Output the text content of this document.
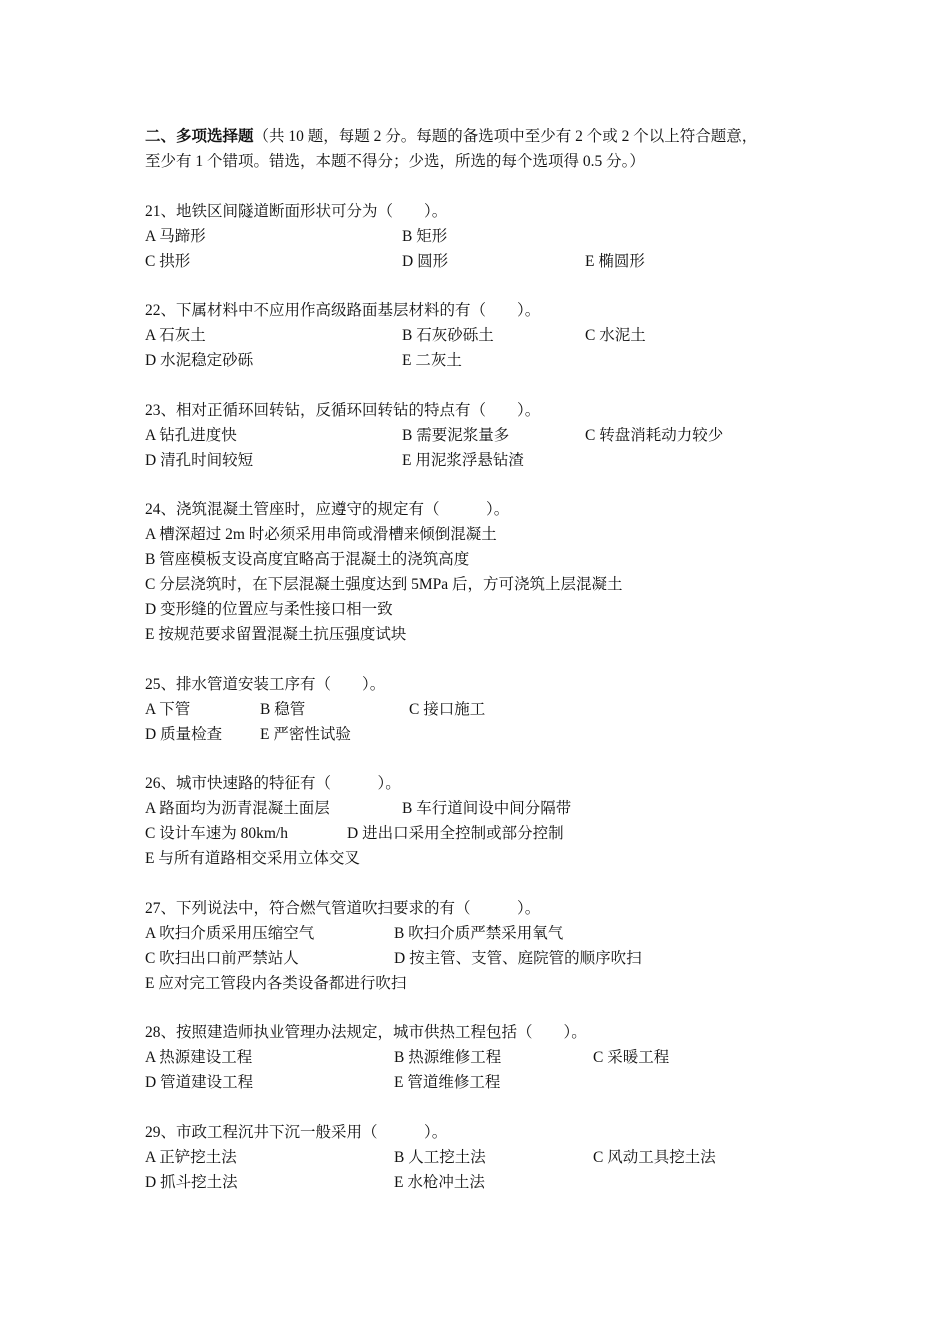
二、多项选择题（共 10 题，每题 2 分。每题的备选项中至少有 2 个或 2 个以上符合题意，
至少有 1 个错项。错选，本题不得分；少选，所选的每个选项得 0.5 分。）
21、地铁区间隧道断面形状可分为（　　）。
A 马蹄形	B 矩形
C 拱形	D 圆形	E 椭圆形
22、下属材料中不应用作高级路面基层材料的有（　　）。
A 石灰土	B 石灰砂砾土	C 水泥土
D 水泥稳定砂砾	E 二灰土
23、相对正循环回转钻，反循环回转钻的特点有（　　）。
A 钻孔进度快	B 需要泥浆量多	C 转盘消耗动力较少
D 清孔时间较短	E 用泥浆浮悬钻渣
24、浇筑混凝土管座时，应遵守的规定有（　　　）。
A 槽深超过 2m 时必须采用串筒或滑槽来倾倒混凝土
B 管座模板支设高度宜略高于混凝土的浇筑高度
C 分层浇筑时，在下层混凝土强度达到 5MPa 后，方可浇筑上层混凝土
D 变形缝的位置应与柔性接口相一致
E 按规范要求留置混凝土抗压强度试块
25、排水管道安装工序有（　　）。
A 下管	B 稳管	C 接口施工
D 质量检查 E 严密性试验
26、城市快速路的特征有（　　　）。
A 路面均为沥青混凝土面层	B 车行道间设中间分隔带
C 设计车速为 80km/h	D 进出口采用全控制或部分控制
E 与所有道路相交采用立体交叉
27、下列说法中，符合燃气管道吹扫要求的有（　　　）。
A 吹扫介质采用压缩空气	B 吹扫介质严禁采用氧气
C 吹扫出口前严禁站人	D 按主管、支管、庭院管的顺序吹扫
E 应对完工管段内各类设备都进行吹扫
28、按照建造师执业管理办法规定，城市供热工程包括（　　）。
A 热源建设工程	B 热源维修工程	C 采暖工程
D 管道建设工程	E 管道维修工程
29、市政工程沉井下沉一般采用（　　　）。
A 正铲挖土法	B 人工挖土法	C 风动工具挖土法
D 抓斗挖土法	E 水枪冲土法
